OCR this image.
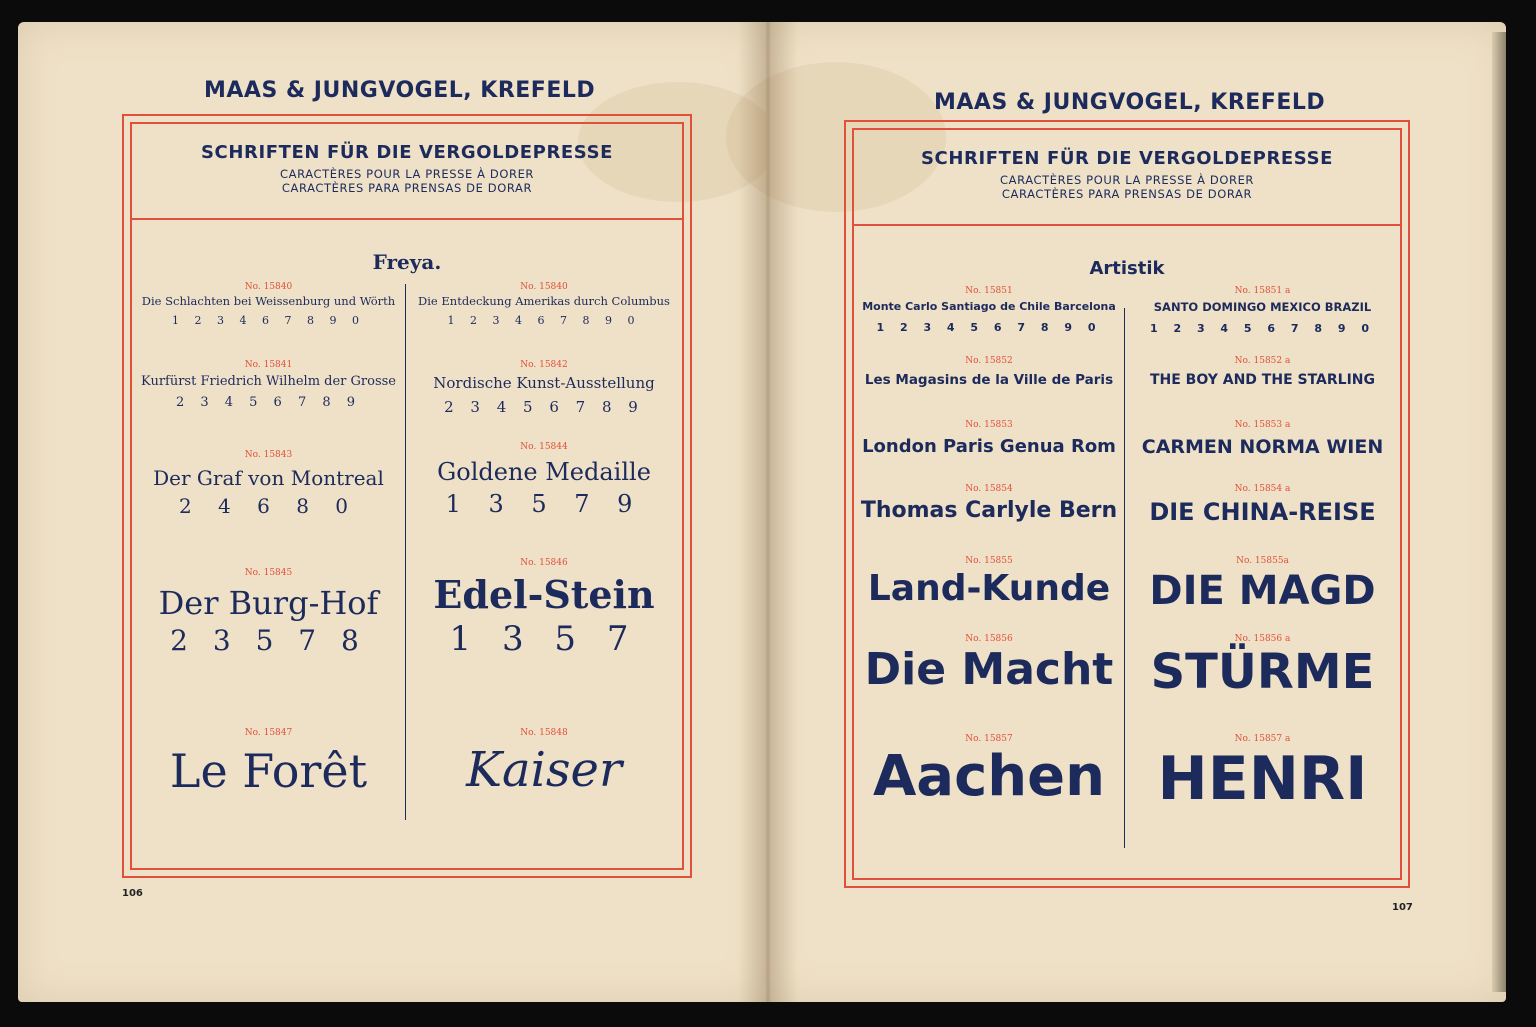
MAAS & JUNGVOGEL, KREFELD
SCHRIFTEN FÜR DIE VERGOLDEPRESSE
CARACTÈRES POUR LA PRESSE À DORER
CARACTÈRES PARA PRENSAS DE DORAR
Freya.
No. 15840
Die Schlachten bei Weissenburg und Wörth
1 2 3 4 6 7 8 9 0
No. 15841
Kurfürst Friedrich Wilhelm der Grosse
2 3 4 5 6 7 8 9
No. 15843
Der Graf von Montreal
2 4 6 8 0
No. 15845
Der Burg-Hof
2 3 5 7 8
No. 15847
Le Forêt
No. 15840
Die Entdeckung Amerikas durch Columbus
1 2 3 4 6 7 8 9 0
No. 15842
Nordische Kunst-Ausstellung
2 3 4 5 6 7 8 9
No. 15844
Goldene Medaille
1 3 5 7 9
No. 15846
Edel-Stein
1 3 5 7
No. 15848
Kaiser
106
MAAS & JUNGVOGEL, KREFELD
SCHRIFTEN FÜR DIE VERGOLDEPRESSE
CARACTÈRES POUR LA PRESSE À DORER
CARACTÈRES PARA PRENSAS DE DORAR
Artistik
No. 15851
Monte Carlo Santiago de Chile Barcelona
1 2 3 4 5 6 7 8 9 0
No. 15852
Les Magasins de la Ville de Paris
No. 15853
London Paris Genua Rom
No. 15854
Thomas Carlyle Bern
No. 15855
Land-Kunde
No. 15856
Die Macht
No. 15857
Aachen
No. 15851 a
SANTO DOMINGO MEXICO BRAZIL
1 2 3 4 5 6 7 8 9 0
No. 15852 a
THE BOY AND THE STARLING
No. 15853 a
CARMEN NORMA WIEN
No. 15854 a
DIE CHINA-REISE
No. 15855a
DIE MAGD
No. 15856 a
STÜRME
No. 15857 a
HENRI
107
